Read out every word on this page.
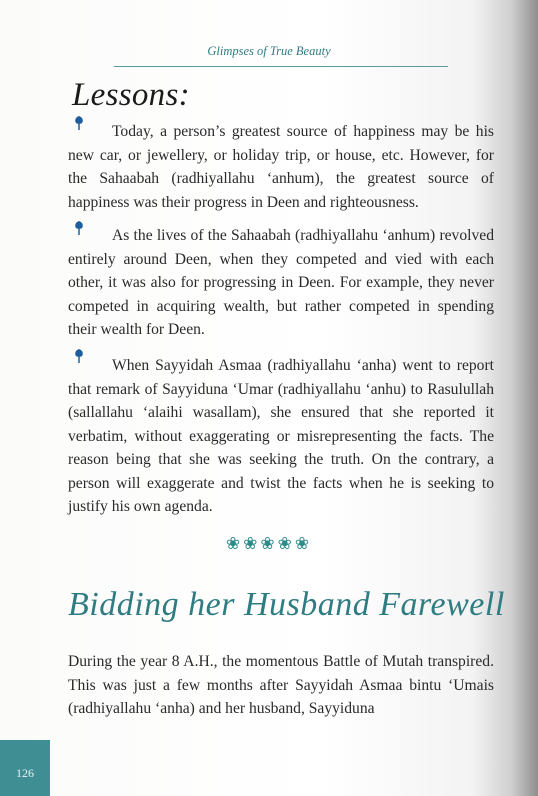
Glimpses of True Beauty
Lessons:
Today, a person’s greatest source of happiness may be his new car, or jewellery, or holiday trip, or house, etc. However, for the Sahaabah (radhiyallahu ‘anhum), the greatest source of happiness was their progress in Deen and righteousness.
As the lives of the Sahaabah (radhiyallahu ‘anhum) revolved entirely around Deen, when they competed and vied with each other, it was also for progressing in Deen. For example, they never competed in acquiring wealth, but rather competed in spending their wealth for Deen.
When Sayyidah Asmaa (radhiyallahu ‘anha) went to report that remark of Sayyiduna ‘Umar (radhiyallahu ‘anhu) to Rasulullah (sallallahu ‘alaihi wasallam), she ensured that she reported it verbatim, without exaggerating or misrepresenting the facts. The reason being that she was seeking the truth. On the contrary, a person will exaggerate and twist the facts when he is seeking to justify his own agenda.
❀❀❀❀❀
Bidding her Husband Farewell
During the year 8 A.H., the momentous Battle of Mutah transpired. This was just a few months after Sayyidah Asmaa bintu ‘Umais (radhiyallahu ‘anha) and her husband, Sayyiduna
126
